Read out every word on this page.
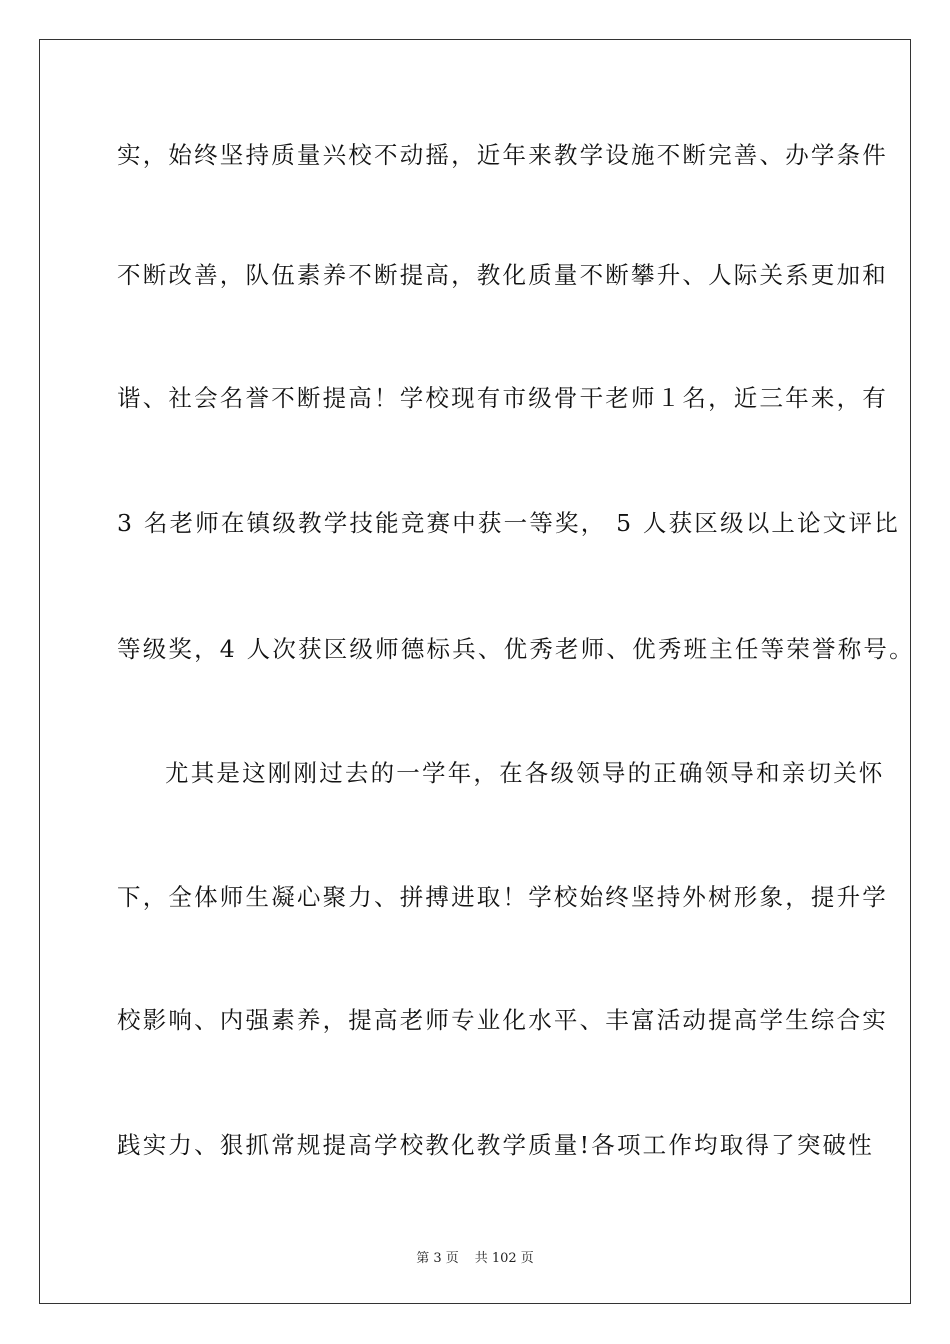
实，始终坚持质量兴校不动摇，近年来教学设施不断完善、办学条件
不断改善，队伍素养不断提高，教化质量不断攀升、人际关系更加和
谐、社会名誉不断提高！学校现有市级骨干老师１名，近三年来，有
3 名老师在镇级教学技能竞赛中获一等奖， 5 人获区级以上论文评比
等级奖，4 人次获区级师德标兵、优秀老师、优秀班主任等荣誉称号。
尤其是这刚刚过去的一学年，在各级领导的正确领导和亲切关怀
下，全体师生凝心聚力、拼搏进取！学校始终坚持外树形象，提升学
校影响、内强素养，提高老师专业化水平、丰富活动提高学生综合实
践实力、狠抓常规提高学校教化教学质量!各项工作均取得了突破性
第 3 页 共 102 页
